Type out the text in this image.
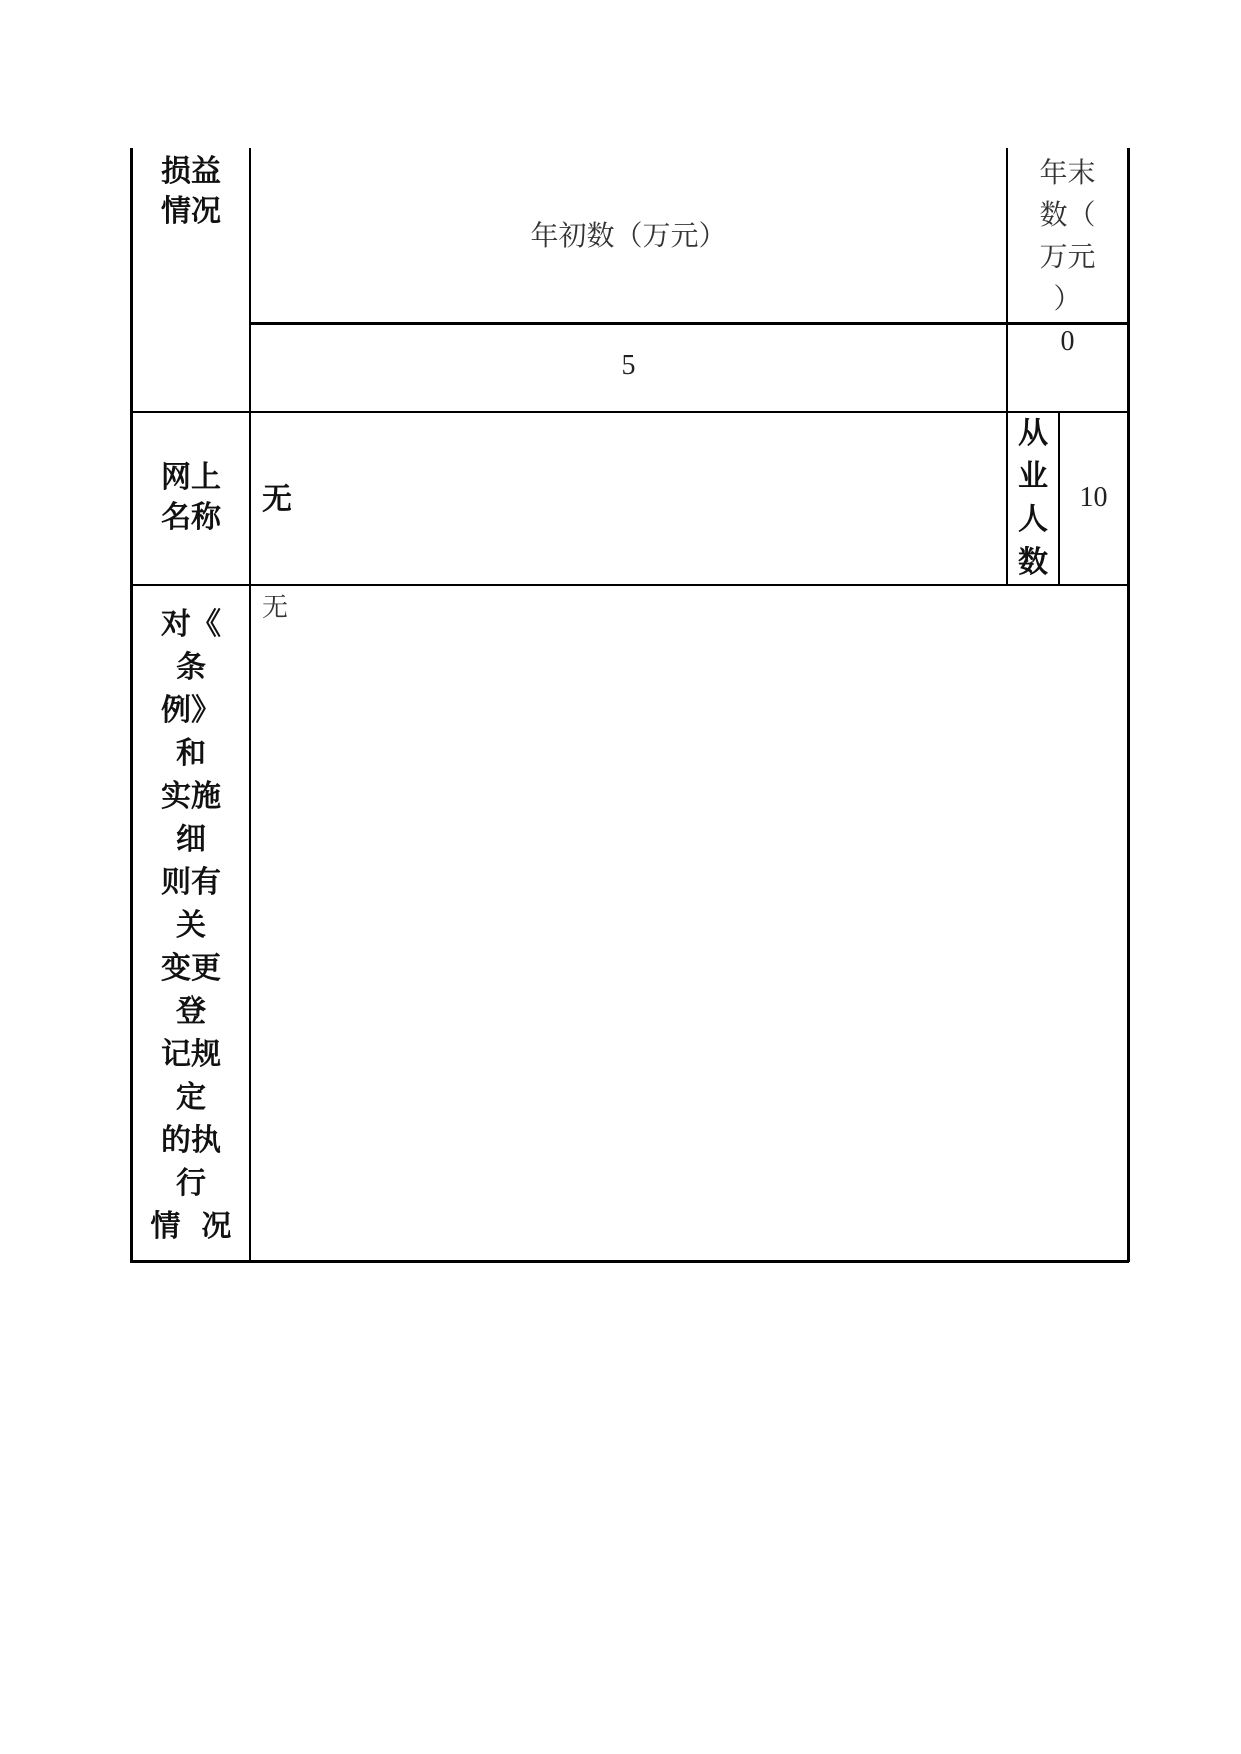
损益
情况
年初数（万元）
年末
数（
万元
）
5
0
网上
名称
无
从
业
人
数
10
对《
条
例》
和
实施
细
则有
关
变更
登
记规
定
的执
行
情  况
无
